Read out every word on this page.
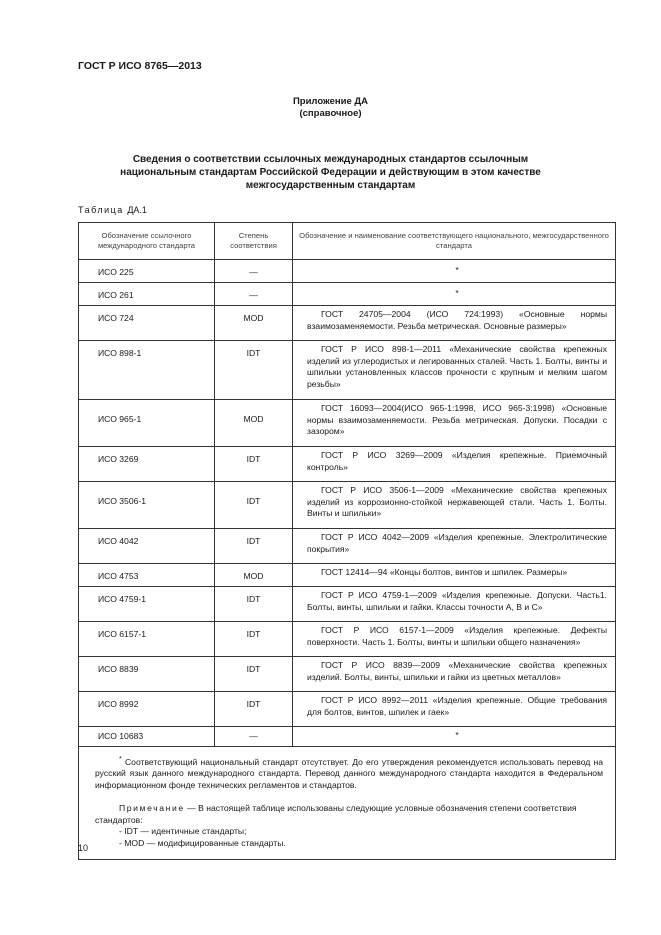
ГОСТ Р ИСО 8765—2013
Приложение ДА
(справочное)
Сведения о соответствии ссылочных международных стандартов ссылочным
национальным стандартам Российской Федерации и действующим в этом качестве
межгосударственным стандартам
Таблица ДА.1
Обозначение ссылочного международного стандарта	Степень соответствия	Обозначение и наименование соответствующего национального, межгосударственного стандарта
ИСО 225	—	*
ИСО 261	—	*
ИСО 724	MOD	ГОСТ 24705—2004 (ИСО 724:1993) «Основные нормы взаимозаменяемости. Резьба метрическая. Основные размеры»

ИСО 898-1	IDT	ГОСТ Р ИСО 898-1—2011 «Механические свойства крепежных изделий из углеродистых и легированных сталей. Часть 1. Болты, винты и шпильки установленных классов прочности с крупным и мелким шагом резьбы»

ИСО 965-1	MOD	ГОСТ 16093—2004(ИСО 965-1:1998, ИСО 965-3:1998) «Основные нормы взаимозаменяемости. Резьба метрическая. Допуски. Посадки с зазором»

ИСО 3269	IDT	ГОСТ Р ИСО 3269—2009 «Изделия крепежные. Приемочный контроль»

ИСО 3506-1	IDT	ГОСТ Р ИСО 3506-1—2009 «Механические свойства крепежных изделий из коррозионно-стойкой нержавеющей стали. Часть 1. Болты. Винты и шпильки»

ИСО 4042	IDT	ГОСТ Р ИСО 4042—2009 «Изделия крепежные. Электролитические покрытия»

ИСО 4753	MOD	ГОСТ 12414—94 «Концы болтов, винтов и шпилек. Размеры»

ИСО 4759-1	IDT	ГОСТ Р ИСО 4759-1—2009 «Изделия крепежные. Допуски. Часть1. Болты, винты, шпильки и гайки. Классы точности А, В и С»

ИСО 6157-1	IDT	ГОСТ Р ИСО 6157-1—2009 «Изделия крепежные. Дефекты поверхности. Часть 1. Болты, винты и шпильки общего назначения»

ИСО 8839	IDT	ГОСТ Р ИСО 8839—2009 «Механические свойства крепежных изделий. Болты, винты, шпильки и гайки из цветных металлов»

ИСО 8992	IDT	ГОСТ Р ИСО 8992—2011 «Изделия крепежные. Общие требования для болтов, винтов, шпилек и гаек»

ИСО 10683	—	*

* Соответствующий национальный стандарт отсутствует. До его утверждения рекомендуется использовать перевод на русский язык данного международного стандарта. Перевод данного международного стандарта находится в Федеральном информационном фонде технических регламентов и стандартов.
Примечание — В настоящей таблице использованы следующие условные обозначения степени соответствия стандартов:
- IDT — идентичные стандарты;
- MOD — модифицированные стандарты.		
10
